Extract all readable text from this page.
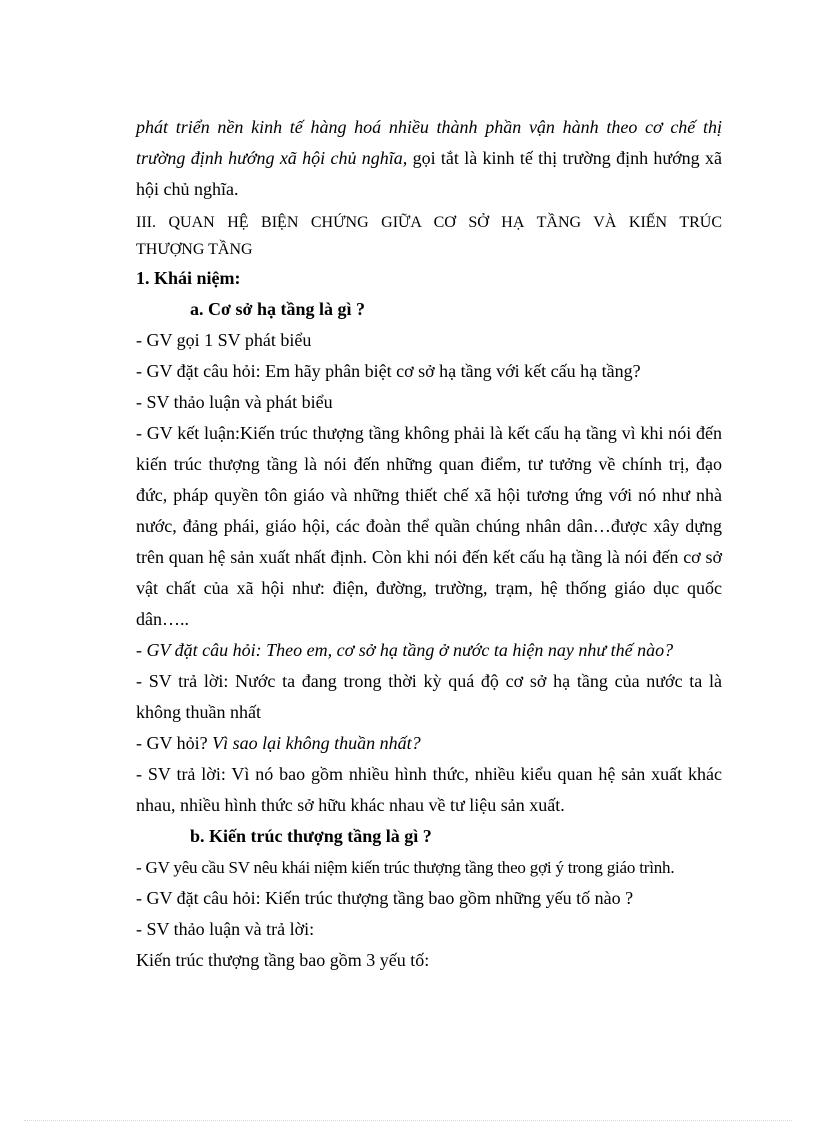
phát triển nền kinh tế hàng hoá nhiều thành phần vận hành theo cơ chế thị trường định hướng xã hội chủ nghĩa, gọi tắt là kinh tế thị trường định hướng xã hội chủ nghĩa.

III. QUAN HỆ BIỆN CHỨNG GIỮA CƠ SỞ HẠ TẦNG VÀ KIẾN TRÚC
THƯỢNG TẦNG

1. Khái niệm:

a. Cơ sở hạ tầng là gì ?

- GV gọi 1 SV phát biểu

- GV đặt câu hỏi: Em hãy phân biệt cơ sở hạ tầng với kết cấu hạ tầng?

- SV thảo luận và phát biểu

- GV kết luận:Kiến trúc thượng tầng không phải là kết cấu hạ tầng vì khi nói đến kiến trúc thượng tầng là nói đến những quan điểm, tư tưởng về chính trị, đạo đức, pháp quyền tôn giáo và những thiết chế xã hội tương ứng với nó như nhà nước, đảng phái, giáo hội, các đoàn thể quần chúng nhân dân…được xây dựng trên quan hệ sản xuất nhất định. Còn khi nói đến kết cấu hạ tầng là nói đến cơ sở vật chất của xã hội như: điện, đường, trường, trạm, hệ thống giáo dục quốc dân…..

- GV đặt câu hỏi: Theo em, cơ sở hạ tầng ở nước ta hiện nay như thế nào?

- SV trả lời: Nước ta đang trong thời kỳ quá độ cơ sở hạ tầng của nước ta là không thuần nhất

- GV hỏi? Vì sao lại không thuần nhất?

- SV trả lời: Vì nó bao gồm nhiều hình thức, nhiều kiểu quan hệ sản xuất khác nhau, nhiều hình thức sở hữu khác nhau về tư liệu sản xuất.

b. Kiến trúc thượng tầng là gì ?

- GV yêu cầu SV nêu khái niệm kiến trúc thượng tầng theo gợi ý trong giáo trình.

- GV đặt câu hỏi: Kiến trúc thượng tầng bao gồm những yếu tố nào ?

- SV thảo luận và trả lời:

Kiến trúc thượng tầng bao gồm 3 yếu tố:
